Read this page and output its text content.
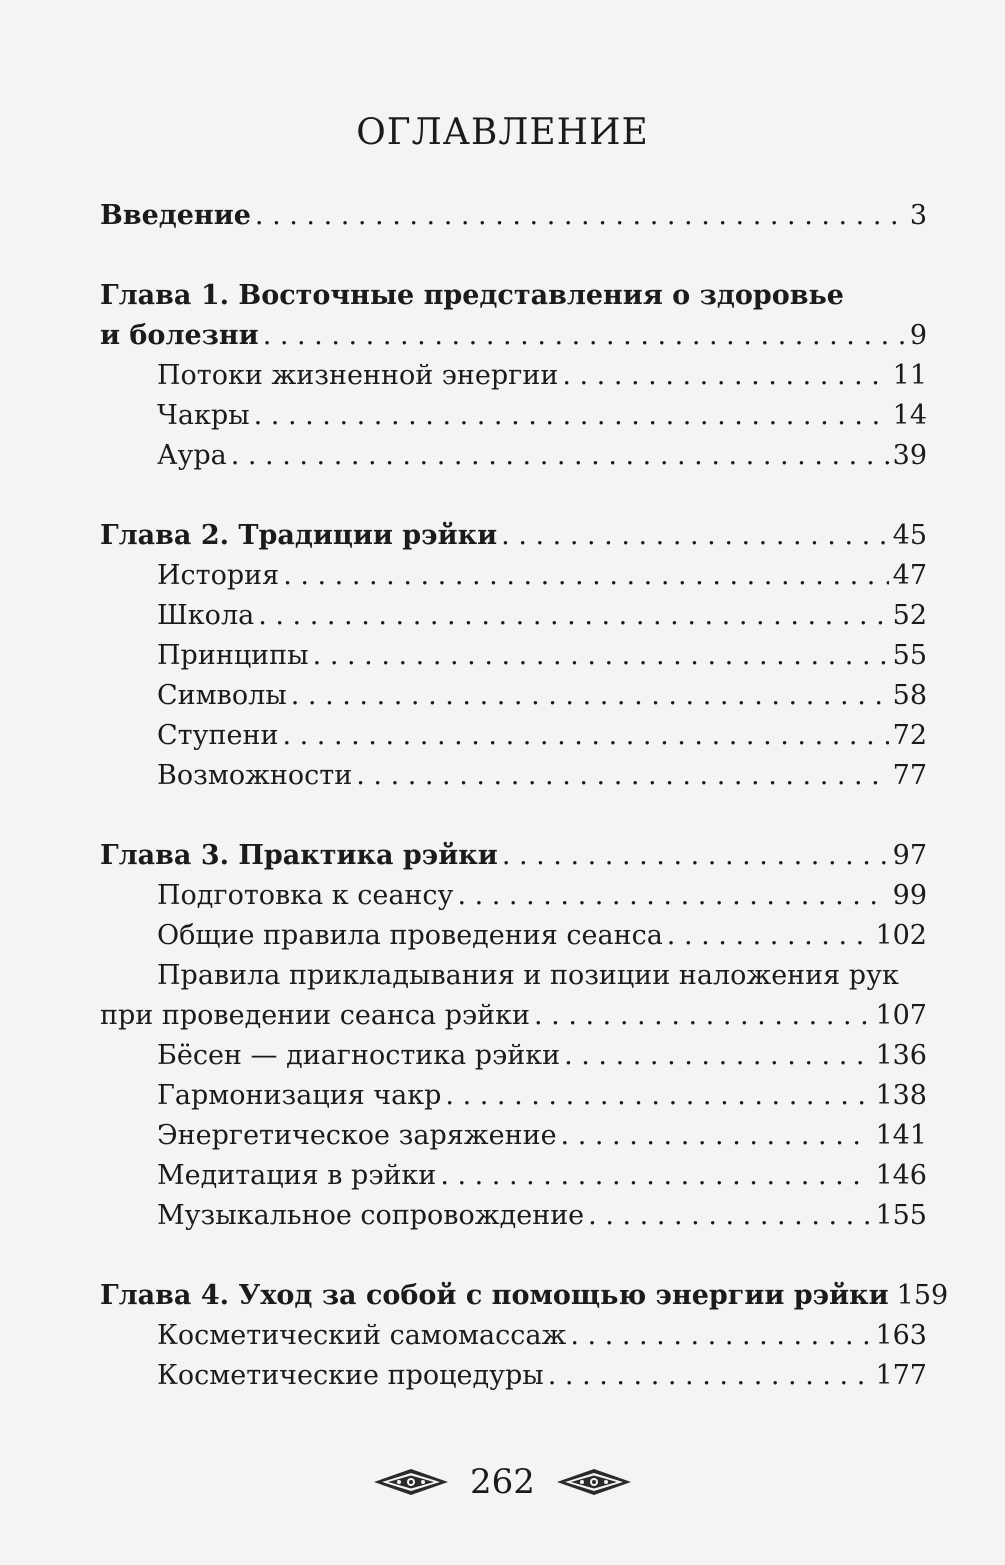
ОГЛАВЛЕНИЕ
Введение . . .	3
Глава 1. Восточные представления о здоровье
и болезни . . .	9
Потоки жизненной энергии . . .	11
Чакры . . .	14
Аура . . .	39
Глава 2. Традиции рэйки . . .	45
История . . .	47
Школа . . .	52
Принципы . . .	55
Символы . . .	58
Ступени . . .	72
Возможности . . .	77
Глава 3. Практика рэйки . . .	97
Подготовка к сеансу . . .	99
Общие правила проведения сеанса . . .	102
Правила прикладывания и позиции наложения рук
при проведении сеанса рэйки . . .	107
Бёсен — диагностика рэйки . . .	136
Гармонизация чакр . . .	138
Энергетическое заряжение . . .	141
Медитация в рэйки . . .	146
Музыкальное сопровождение . . .	155
Глава 4. Уход за собой с помощью энергии рэйки 159
Косметический самомассаж . . .	163
Косметические процедуры . . .	177
262
